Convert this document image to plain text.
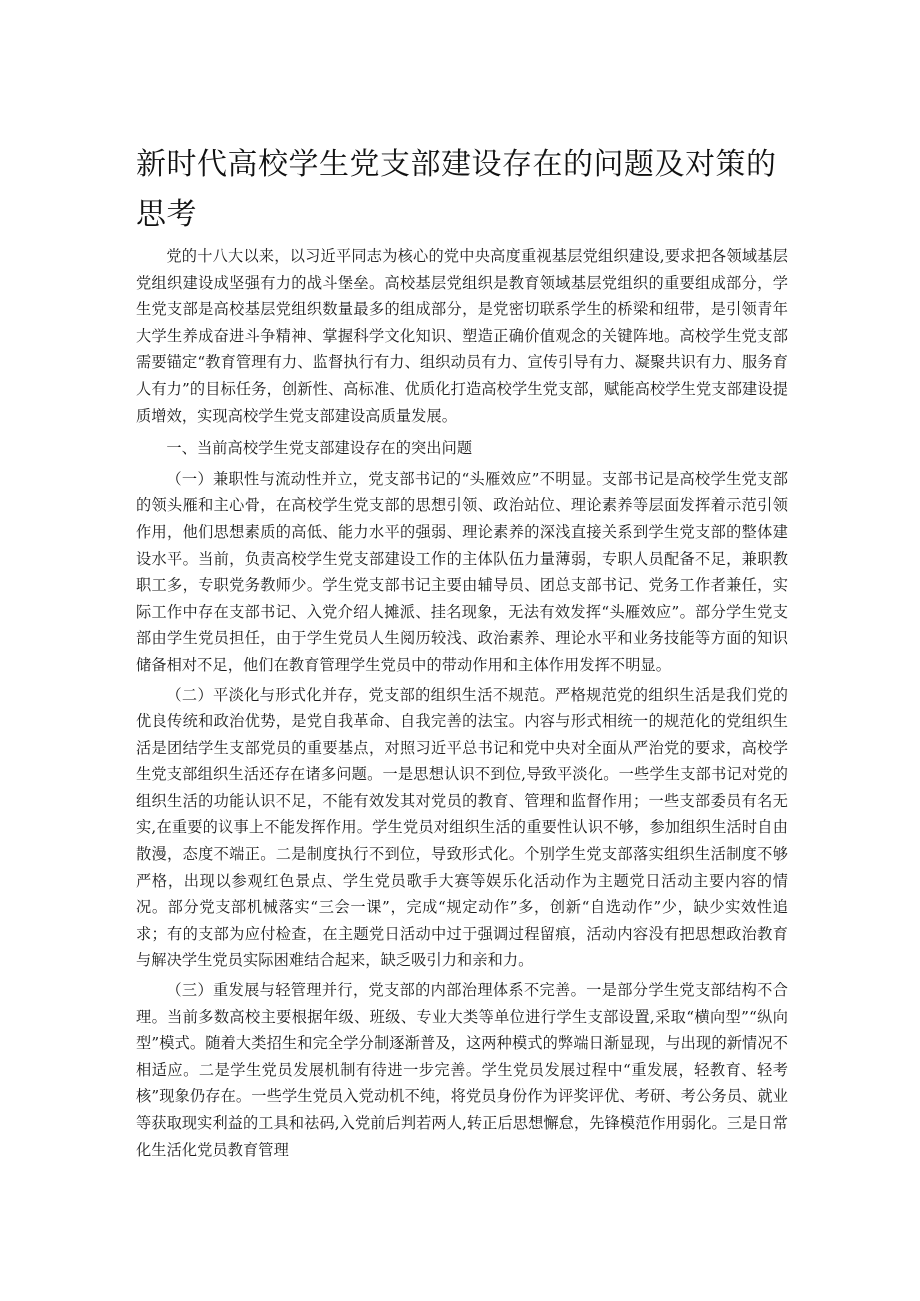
新时代高校学生党支部建设存在的问题及对策的思考

党的十八大以来，以习近平同志为核心的党中央高度重视基层党组织建设,要求把各领域基层党组织建设成坚强有力的战斗堡垒。高校基层党组织是教育领域基层党组织的重要组成部分，学生党支部是高校基层党组织数量最多的组成部分，是党密切联系学生的桥梁和纽带，是引领青年大学生养成奋进斗争精神、掌握科学文化知识、塑造正确价值观念的关键阵地。高校学生党支部需要锚定“教育管理有力、监督执行有力、组织动员有力、宣传引导有力、凝聚共识有力、服务育人有力”的目标任务，创新性、高标准、优质化打造高校学生党支部，赋能高校学生党支部建设提质增效，实现高校学生党支部建设高质量发展。

一、当前高校学生党支部建设存在的突出问题

（一）兼职性与流动性并立，党支部书记的“头雁效应”不明显。支部书记是高校学生党支部的领头雁和主心骨，在高校学生党支部的思想引领、政治站位、理论素养等层面发挥着示范引领作用，他们思想素质的高低、能力水平的强弱、理论素养的深浅直接关系到学生党支部的整体建设水平。当前，负责高校学生党支部建设工作的主体队伍力量薄弱，专职人员配备不足，兼职教职工多，专职党务教师少。学生党支部书记主要由辅导员、团总支部书记、党务工作者兼任，实际工作中存在支部书记、入党介绍人摊派、挂名现象，无法有效发挥“头雁效应”。部分学生党支部由学生党员担任，由于学生党员人生阅历较浅、政治素养、理论水平和业务技能等方面的知识储备相对不足，他们在教育管理学生党员中的带动作用和主体作用发挥不明显。

（二）平淡化与形式化并存，党支部的组织生活不规范。严格规范党的组织生活是我们党的优良传统和政治优势，是党自我革命、自我完善的法宝。内容与形式相统一的规范化的党组织生活是团结学生支部党员的重要基点，对照习近平总书记和党中央对全面从严治党的要求，高校学生党支部组织生活还存在诸多问题。一是思想认识不到位,导致平淡化。一些学生支部书记对党的组织生活的功能认识不足，不能有效发其对党员的教育、管理和监督作用；一些支部委员有名无实,在重要的议事上不能发挥作用。学生党员对组织生活的重要性认识不够，参加组织生活时自由散漫，态度不端正。二是制度执行不到位，导致形式化。个别学生党支部落实组织生活制度不够严格，出现以参观红色景点、学生党员歌手大赛等娱乐化活动作为主题党日活动主要内容的情况。部分党支部机械落实“三会一课”，完成“规定动作”多，创新“自选动作”少，缺少实效性追求；有的支部为应付检查，在主题党日活动中过于强调过程留痕，活动内容没有把思想政治教育与解决学生党员实际困难结合起来，缺乏吸引力和亲和力。

（三）重发展与轻管理并行，党支部的内部治理体系不完善。一是部分学生党支部结构不合理。当前多数高校主要根据年级、班级、专业大类等单位进行学生支部设置,采取“横向型”“纵向型”模式。随着大类招生和完全学分制逐渐普及，这两种模式的弊端日渐显现，与出现的新情况不相适应。二是学生党员发展机制有待进一步完善。学生党员发展过程中“重发展，轻教育、轻考核”现象仍存在。一些学生党员入党动机不纯，将党员身份作为评奖评优、考研、考公务员、就业等获取现实利益的工具和祛码,入党前后判若两人,转正后思想懈怠，先锋模范作用弱化。三是日常化生活化党员教育管理
